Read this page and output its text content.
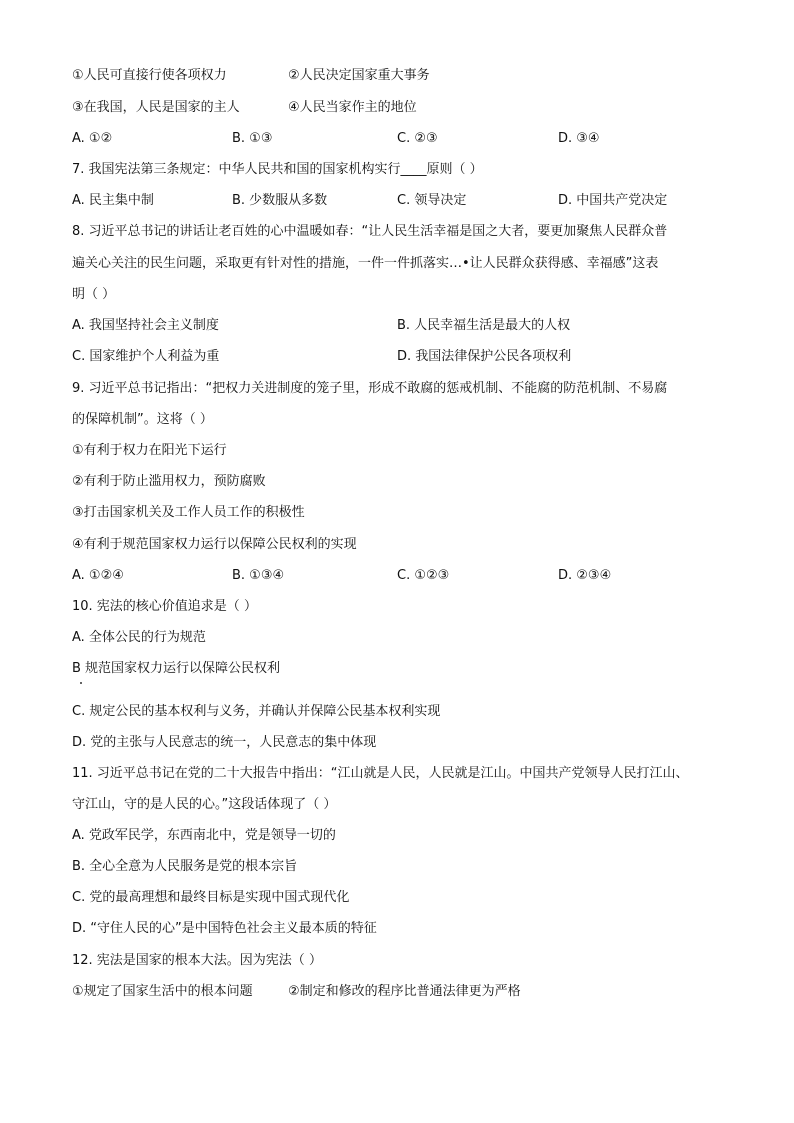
①人民可直接行使各项权力	②人民决定国家重大事务
③在我国，人民是国家的主人	④人民当家作主的地位
A. ①②	B. ①③	C. ②③	D. ③④
7. 我国宪法第三条规定：中华人民共和国的国家机构实行____原则（ ）
A. 民主集中制	B. 少数服从多数	C. 领导决定	D. 中国共产党决定
8. 习近平总书记的讲话让老百姓的心中温暖如春：“让人民生活幸福是国之大者，要更加聚焦人民群众普
遍关心关注的民生问题，采取更有针对性的措施，一件一件抓落实…•让人民群众获得感、幸福感”这表
明（ ）
A. 我国坚持社会主义制度	B. 人民幸福生活是最大的人权
C. 国家维护个人利益为重	D. 我国法律保护公民各项权利
9. 习近平总书记指出：“把权力关进制度的笼子里，形成不敢腐的惩戒机制、不能腐的防范机制、不易腐
的保障机制”。这将（ ）
①有利于权力在阳光下运行
②有利于防止滥用权力，预防腐败
③打击国家机关及工作人员工作的积极性
④有利于规范国家权力运行以保障公民权利的实现
A. ①②④	B. ①③④	C. ①②③	D. ②③④
10. 宪法的核心价值追求是（ ）
A. 全体公民的行为规范
B 规范国家权力运行以保障公民权利
C. 规定公民的基本权利与义务，并确认并保障公民基本权利实现
D. 党的主张与人民意志的统一，人民意志的集中体现
11. 习近平总书记在党的二十大报告中指出：“江山就是人民，人民就是江山。中国共产党领导人民打江山、
守江山，守的是人民的心。”这段话体现了（ ）
A. 党政军民学，东西南北中，党是领导一切的
B. 全心全意为人民服务是党的根本宗旨
C. 党的最高理想和最终目标是实现中国式现代化
D. “守住人民的心”是中国特色社会主义最本质的特征
12. 宪法是国家的根本大法。因为宪法（ ）
①规定了国家生活中的根本问题	②制定和修改的程序比普通法律更为严格
